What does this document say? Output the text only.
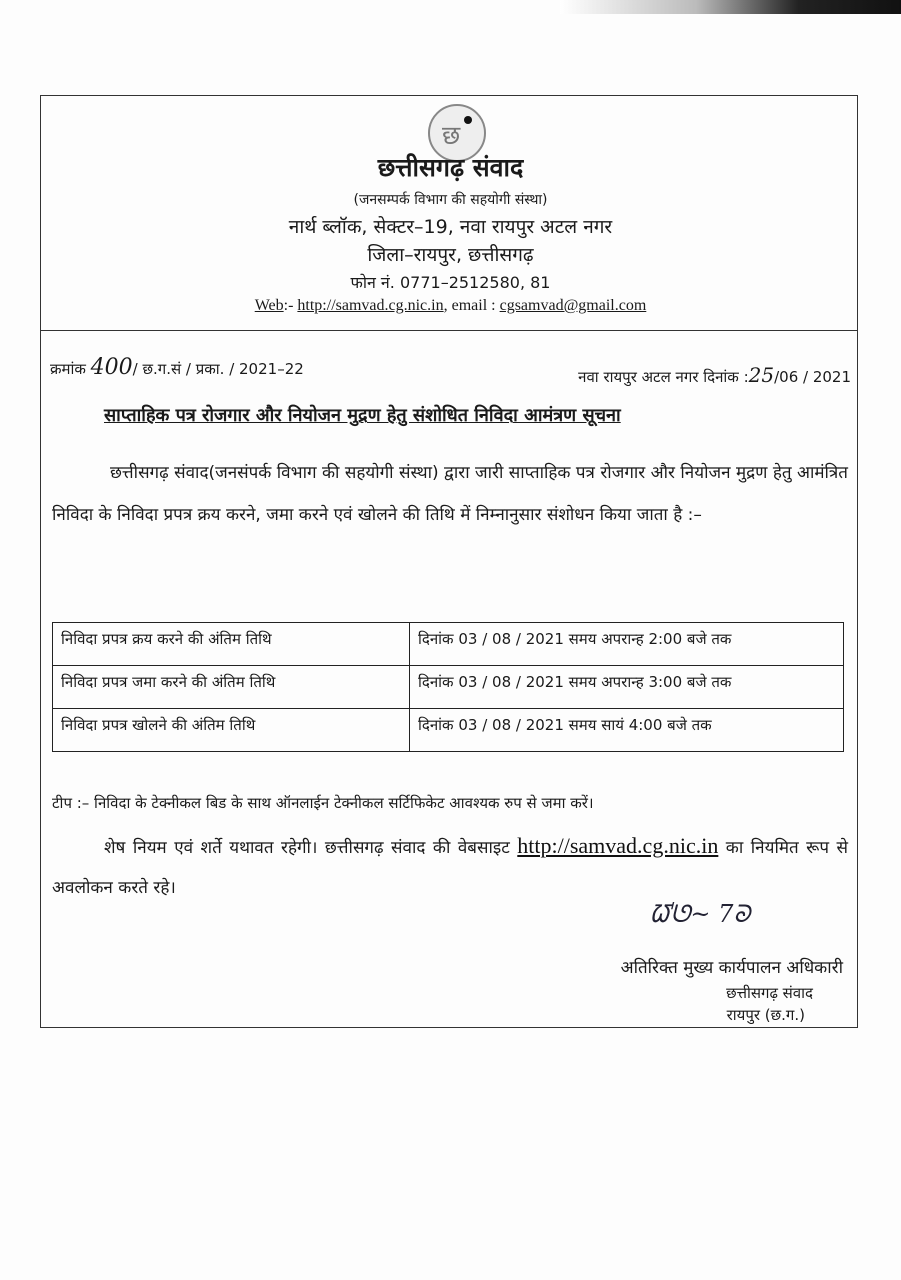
छ
छत्तीसगढ़ संवाद
(जनसम्पर्क विभाग की सहयोगी संस्था)
नार्थ ब्लॉक, सेक्टर–19, नवा रायपुर अटल नगर
जिला–रायपुर, छत्तीसगढ़
फोन नं. 0771–2512580, 81
Web:- http://samvad.cg.nic.in, email : cgsamvad@gmail.com
क्रमांक 400/ छ.ग.सं / प्रका. / 2021–22	नवा रायपुर अटल नगर दिनांक :25/06 / 2021
साप्ताहिक पत्र रोजगार और नियोजन मुद्रण हेतु संशोधित निविदा आमंत्रण सूचना
छत्तीसगढ़ संवाद(जनसंपर्क विभाग की सहयोगी संस्था) द्वारा जारी साप्ताहिक पत्र रोजगार और नियोजन मुद्रण हेतु आमंत्रित निविदा के निविदा प्रपत्र क्रय करने, जमा करने एवं खोलने की तिथि में निम्नानुसार संशोधन किया जाता है :–
निविदा प्रपत्र क्रय करने की अंतिम तिथि	दिनांक 03 / 08 / 2021 समय अपरान्ह 2:00 बजे तक
निविदा प्रपत्र जमा करने की अंतिम तिथि	दिनांक 03 / 08 / 2021 समय अपरान्ह 3:00 बजे तक
निविदा प्रपत्र खोलने की अंतिम तिथि	दिनांक 03 / 08 / 2021 समय सायं 4:00 बजे तक
टीप :– निविदा के टेक्नीकल बिड के साथ ऑनलाईन टेक्नीकल सर्टिफिकेट आवश्यक रुप से जमा करें।
शेष नियम एवं शर्ते यथावत रहेगी। छत्तीसगढ़ संवाद की वेबसाइट http://samvad.cg.nic.in का नियमित रूप से अवलोकन करते रहे।
ᘺᘎ~ 7ᘐ
अतिरिक्त मुख्य कार्यपालन अधिकारी
छत्तीसगढ़ संवाद
रायपुर (छ.ग.)
